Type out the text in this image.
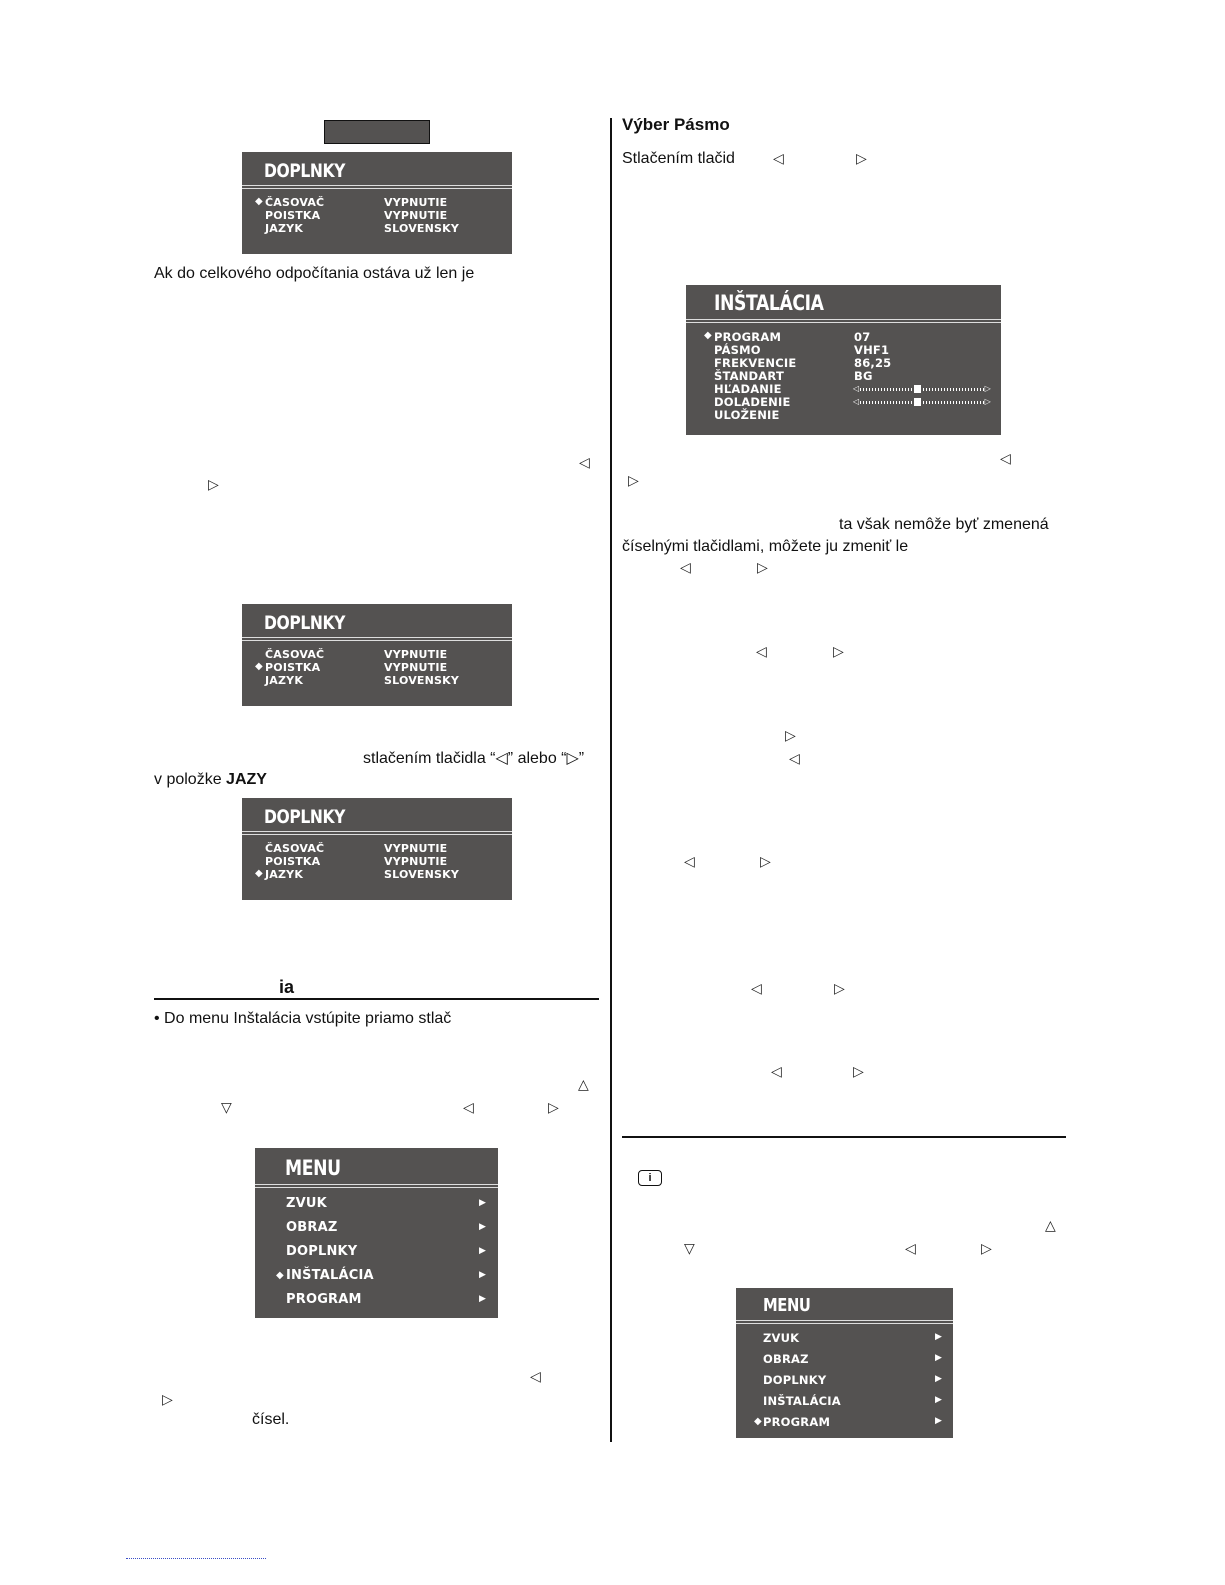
DOPLNKY
◆ ČASOVAČ	VYPNUTIE
POISTKA	VYPNUTIE
JAZYK	SLOVENSKY
Ak do celkového odpočítania ostáva už len je
◁
▷
DOPLNKY
ČASOVAČ	VYPNUTIE
◆ POISTKA	VYPNUTIE
JAZYK	SLOVENSKY
stlačením tlačidla “◁” alebo “▷”
v položke JAZY
DOPLNKY
ČASOVAČ	VYPNUTIE
POISTKA	VYPNUTIE
◆ JAZYK	SLOVENSKY
ia
• Do menu Inštalácia vstúpite priamo stlač
△
▽	◁	▷
MENU
ZVUK	▶
OBRAZ	▶
DOPLNKY	▶
◆ INŠTALÁCIA	▶
PROGRAM	▶
◁
▷
čísel.
Výber Pásmo
Stlačením tlačid	◁	▷
INŠTALÁCIA
◆ PROGRAM	07
PÁSMO	VHF1
FREKVENCIE	86,25
ŠTANDART	BG
HĽADANIE	◁	▷
DOLADENIE	◁	▷
ULOŽENIE
◁
▷
ta však nemôže byť zmenená
číselnými tlačidlami, môžete ju zmeniť le
◁	▷
◁	▷
▷
◁
◁	▷
◁	▷
◁	▷
i
△
▽	◁	▷
MENU
ZVUK	▶
OBRAZ	▶
DOPLNKY	▶
INŠTALÁCIA	▶
◆ PROGRAM	▶
